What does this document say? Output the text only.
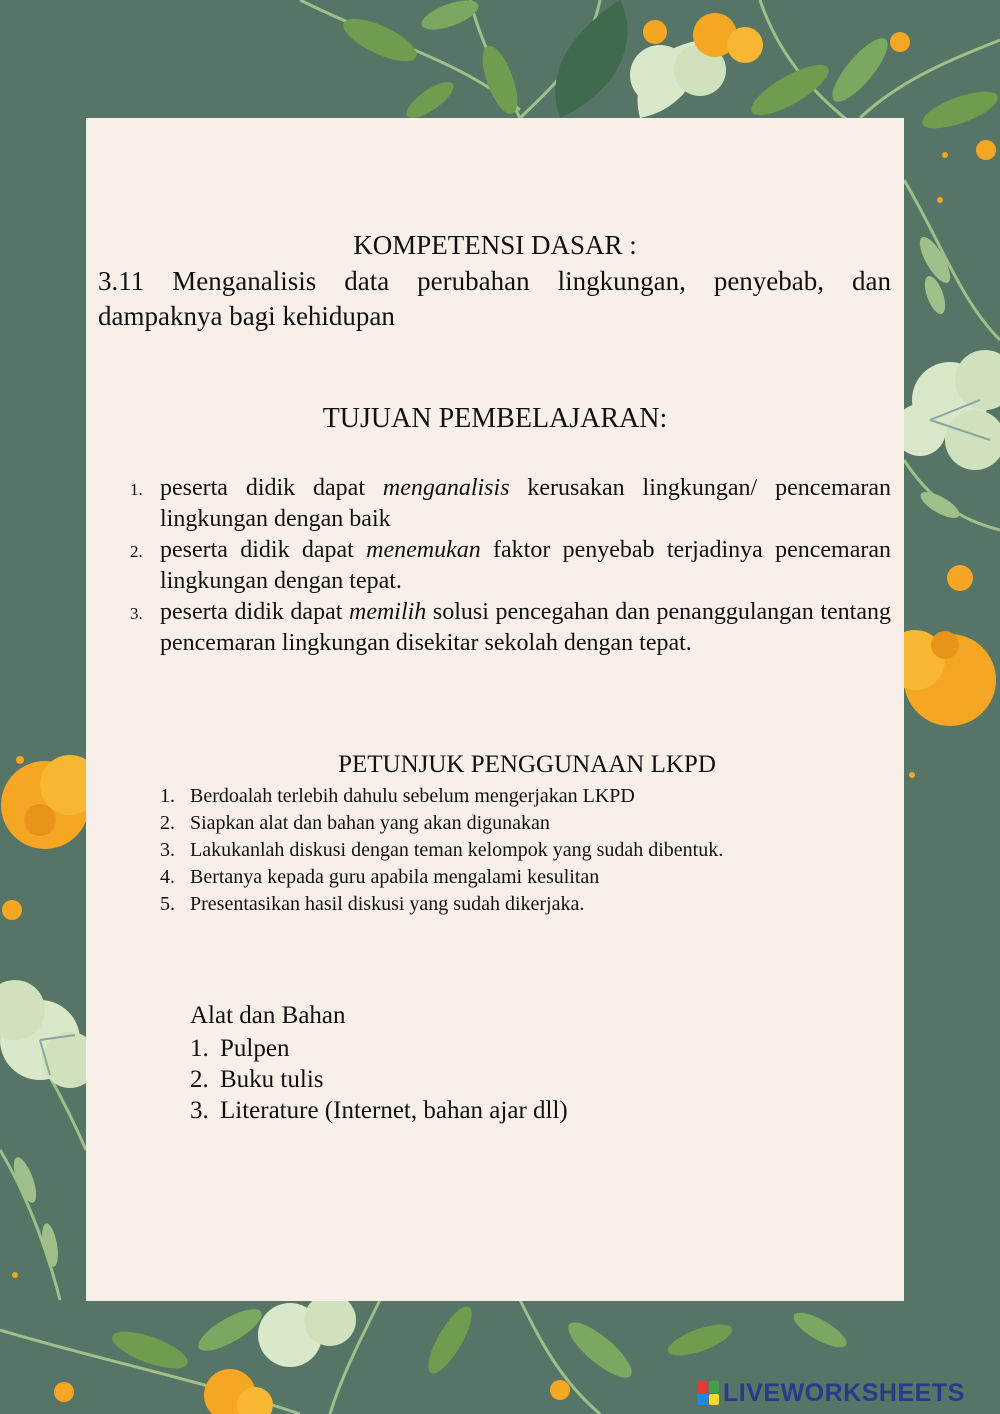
KOMPETENSI DASAR :
3.11 Menganalisis data perubahan lingkungan, penyebab, dan dampaknya bagi kehidupan
TUJUAN PEMBELAJARAN:
1. peserta didik dapat menganalisis kerusakan lingkungan/ pencemaran lingkungan dengan baik
2. peserta didik dapat menemukan faktor penyebab terjadinya pencemaran lingkungan dengan tepat.
3. peserta didik dapat memilih solusi pencegahan dan penanggulangan tentang pencemaran lingkungan disekitar sekolah dengan tepat.
PETUNJUK PENGGUNAAN LKPD
1. Berdoalah terlebih dahulu sebelum mengerjakan LKPD
2. Siapkan alat dan bahan yang akan digunakan
3. Lakukanlah diskusi dengan teman kelompok yang sudah dibentuk.
4. Bertanya kepada guru apabila mengalami kesulitan
5. Presentasikan hasil diskusi yang sudah dikerjaka.
Alat dan Bahan
1. Pulpen
2. Buku tulis
3. Literature (Internet, bahan ajar dll)
LIVEWORKSHEETS
